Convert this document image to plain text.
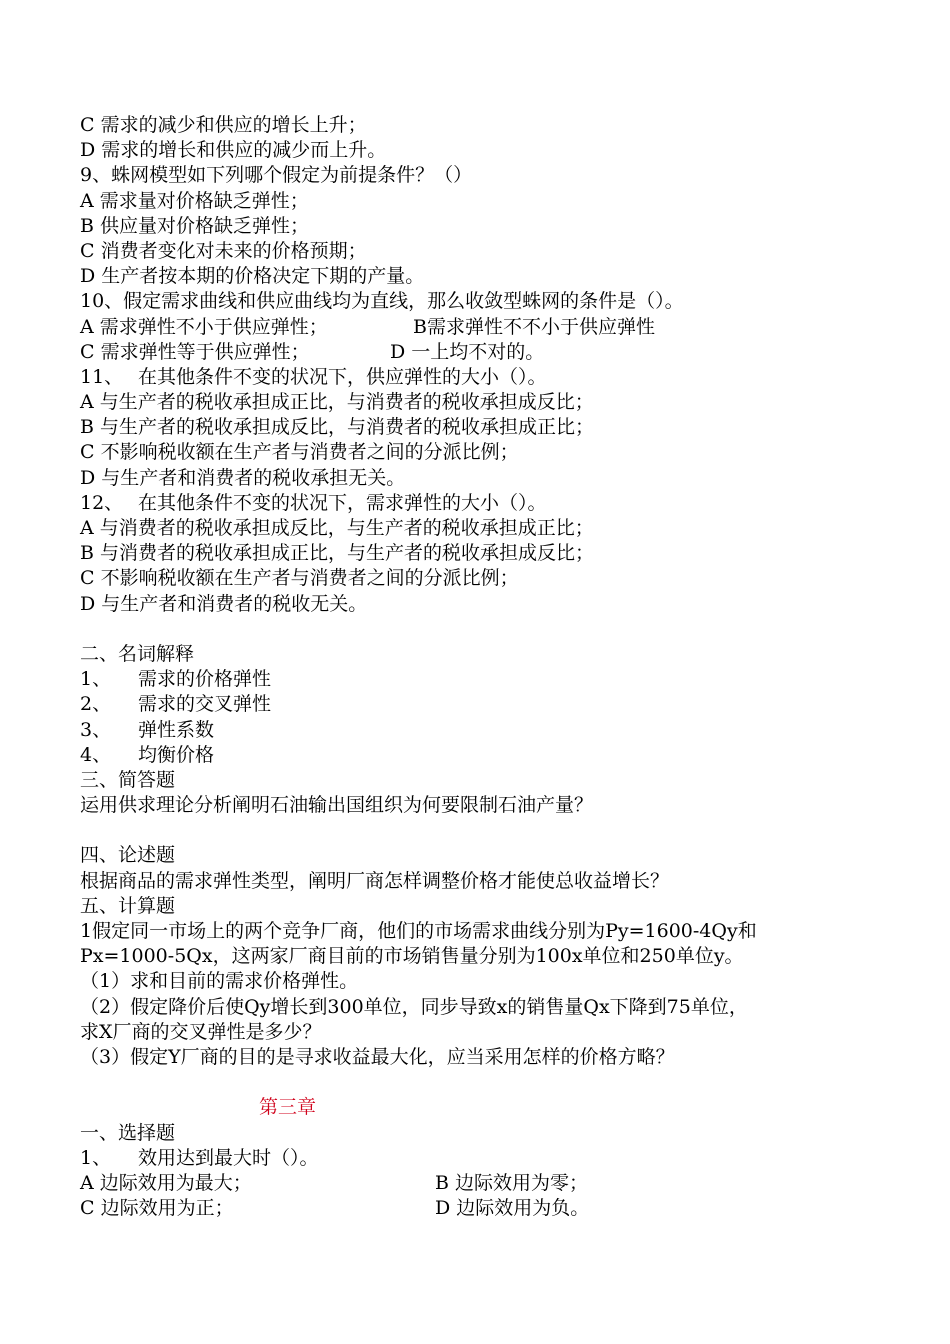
C 需求的减少和供应的增长上升；
D 需求的增长和供应的减少而上升。
9、蛛网模型如下列哪个假定为前提条件？（）
A 需求量对价格缺乏弹性；
B 供应量对价格缺乏弹性；
C 消费者变化对未来的价格预期；
D 生产者按本期的价格决定下期的产量。
10、假定需求曲线和供应曲线均为直线，那么收敛型蛛网的条件是（）。
A 需求弹性不小于供应弹性；	B需求弹性不不小于供应弹性
C 需求弹性等于供应弹性；	D 一上均不对的。
11、 在其他条件不变的状况下，供应弹性的大小（）。
A 与生产者的税收承担成正比，与消费者的税收承担成反比；
B 与生产者的税收承担成反比，与消费者的税收承担成正比；
C 不影响税收额在生产者与消费者之间的分派比例；
D 与生产者和消费者的税收承担无关。
12、 在其他条件不变的状况下，需求弹性的大小（）。
A 与消费者的税收承担成反比，与生产者的税收承担成正比；
B 与消费者的税收承担成正比，与生产者的税收承担成反比；
C 不影响税收额在生产者与消费者之间的分派比例；
D 与生产者和消费者的税收无关。
二、名词解释
1、 需求的价格弹性
2、 需求的交叉弹性
3、 弹性系数
4、 均衡价格
三、简答题
运用供求理论分析阐明石油输出国组织为何要限制石油产量？
四、论述题
根据商品的需求弹性类型，阐明厂商怎样调整价格才能使总收益增长？
五、计算题
1假定同一市场上的两个竞争厂商，他们的市场需求曲线分别为Py=1600-4Qy和
Px=1000-5Qx，这两家厂商目前的市场销售量分别为100x单位和250单位y。
（1）求和目前的需求价格弹性。
（2）假定降价后使Qy增长到300单位，同步导致x的销售量Qx下降到75单位，
求X厂商的交叉弹性是多少？
（3）假定Y厂商的目的是寻求收益最大化，应当采用怎样的价格方略？
第三章
一、选择题
1、 效用达到最大时（）。
A 边际效用为最大；	B 边际效用为零；
C 边际效用为正；	D 边际效用为负。
